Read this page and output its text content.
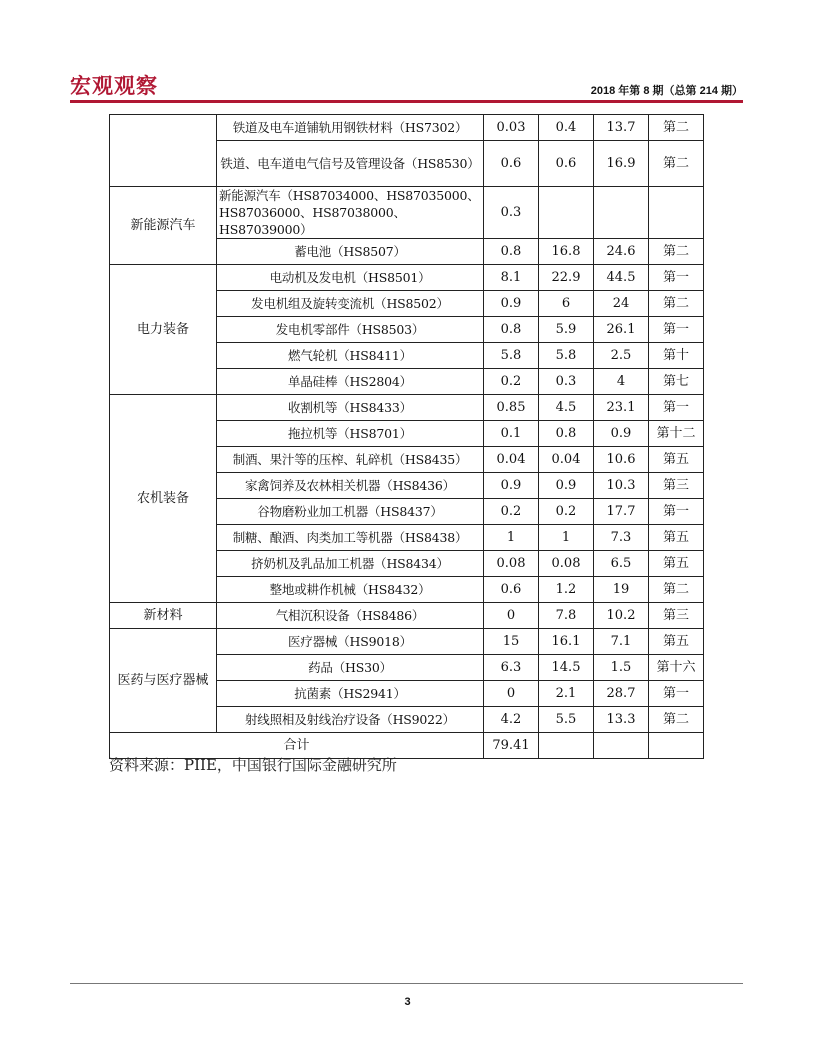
宏观观察	2018 年第 8 期（总第 214 期）
	铁道及电车道铺轨用钢铁材料（HS7302）	0.03	0.4	13.7	第二
	铁道、电车道电气信号及管理设备（HS8530）	0.6	0.6	16.9	第二
新能源汽车	新能源汽车（HS87034000、HS87035000、HS87036000、HS87038000、HS87039000）	0.3			
	蓄电池（HS8507）	0.8	16.8	24.6	第二
电力装备	电动机及发电机（HS8501）	8.1	22.9	44.5	第一
	发电机组及旋转变流机（HS8502）	0.9	6	24	第二
	发电机零部件（HS8503）	0.8	5.9	26.1	第一
	燃气轮机（HS8411）	5.8	5.8	2.5	第十
	单晶硅棒（HS2804）	0.2	0.3	4	第七
农机装备	收割机等（HS8433）	0.85	4.5	23.1	第一
	拖拉机等（HS8701）	0.1	0.8	0.9	第十二
	制酒、果汁等的压榨、轧碎机（HS8435）	0.04	0.04	10.6	第五
	家禽饲养及农林相关机器（HS8436）	0.9	0.9	10.3	第三
	谷物磨粉业加工机器（HS8437）	0.2	0.2	17.7	第一
	制糖、酿酒、肉类加工等机器（HS8438）	1	1	7.3	第五
	挤奶机及乳品加工机器（HS8434）	0.08	0.08	6.5	第五
	整地或耕作机械（HS8432）	0.6	1.2	19	第二
新材料	气相沉积设备（HS8486）	0	7.8	10.2	第三
医药与医疗器械	医疗器械（HS9018）	15	16.1	7.1	第五
	药品（HS30）	6.3	14.5	1.5	第十六
	抗菌素（HS2941）	0	2.1	28.7	第一
	射线照相及射线治疗设备（HS9022）	4.2	5.5	13.3	第二
合计		79.41			
资料来源：PIIE，中国银行国际金融研究所
3
